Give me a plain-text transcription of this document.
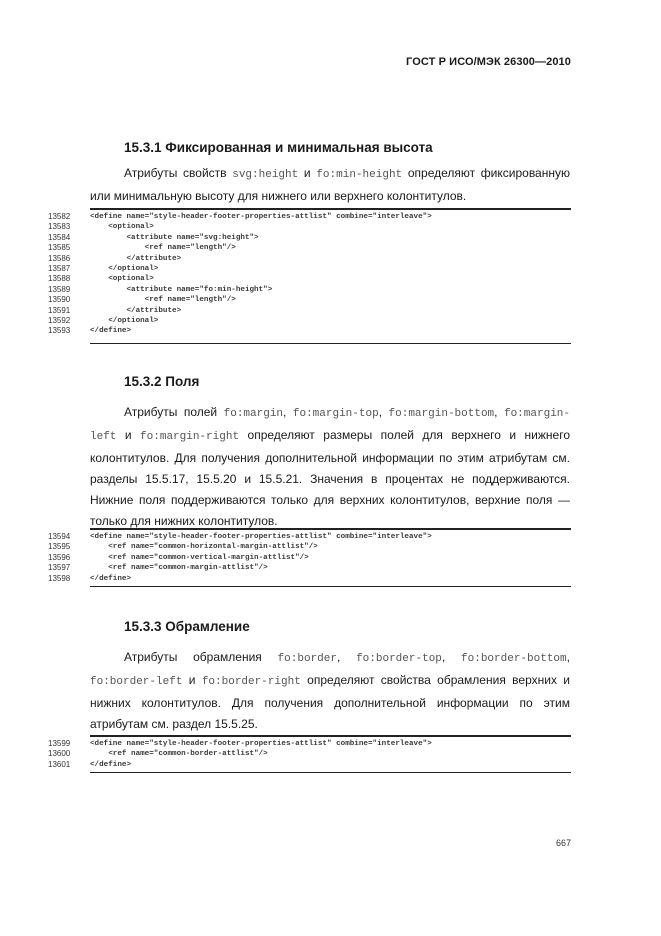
ГОСТ Р ИСО/МЭК 26300—2010
15.3.1 Фиксированная и минимальная высота

Атрибуты свойств svg:height и fo:min-height определяют фиксированную или минимальную высоту для нижнего или верхнего колонтитулов.

13582	<define name="style-header-footer-properties-attlist" combine="interleave">
13583	<optional>
13584	<attribute name="svg:height">
13585	<ref name="length"/>
13586	</attribute>
13587	</optional>
13588	<optional>
13589	<attribute name="fo:min-height">
13590	<ref name="length"/>
13591	</attribute>
13592	</optional>
13593	</define>
15.3.2 Поля

Атрибуты полей fo:margin, fo:margin-top, fo:margin-bottom, fo:margin-left и fo:margin-right определяют размеры полей для верхнего и нижнего колонтитулов. Для получения дополнительной информации по этим атрибутам см. разделы 15.5.17, 15.5.20 и 15.5.21. Значения в процентах не поддерживаются. Нижние поля поддерживаются только для верхних колонтитулов, верхние поля — только для нижних колонтитулов.

13594	<define name="style-header-footer-properties-attlist" combine="interleave">
13595	<ref name="common-horizontal-margin-attlist"/>
13596	<ref name="common-vertical-margin-attlist"/>
13597	<ref name="common-margin-attlist"/>
13598	</define>
15.3.3 Обрамление

Атрибуты обрамления fo:border, fo:border-top, fo:border-bottom, fo:border-left и fo:border-right определяют свойства обрамления верхних и нижних колонтитулов. Для получения дополнительной информации по этим атрибутам см. раздел 15.5.25.

13599	<define name="style-header-footer-properties-attlist" combine="interleave">
13600	<ref name="common-border-attlist"/>
13601	</define>
667
